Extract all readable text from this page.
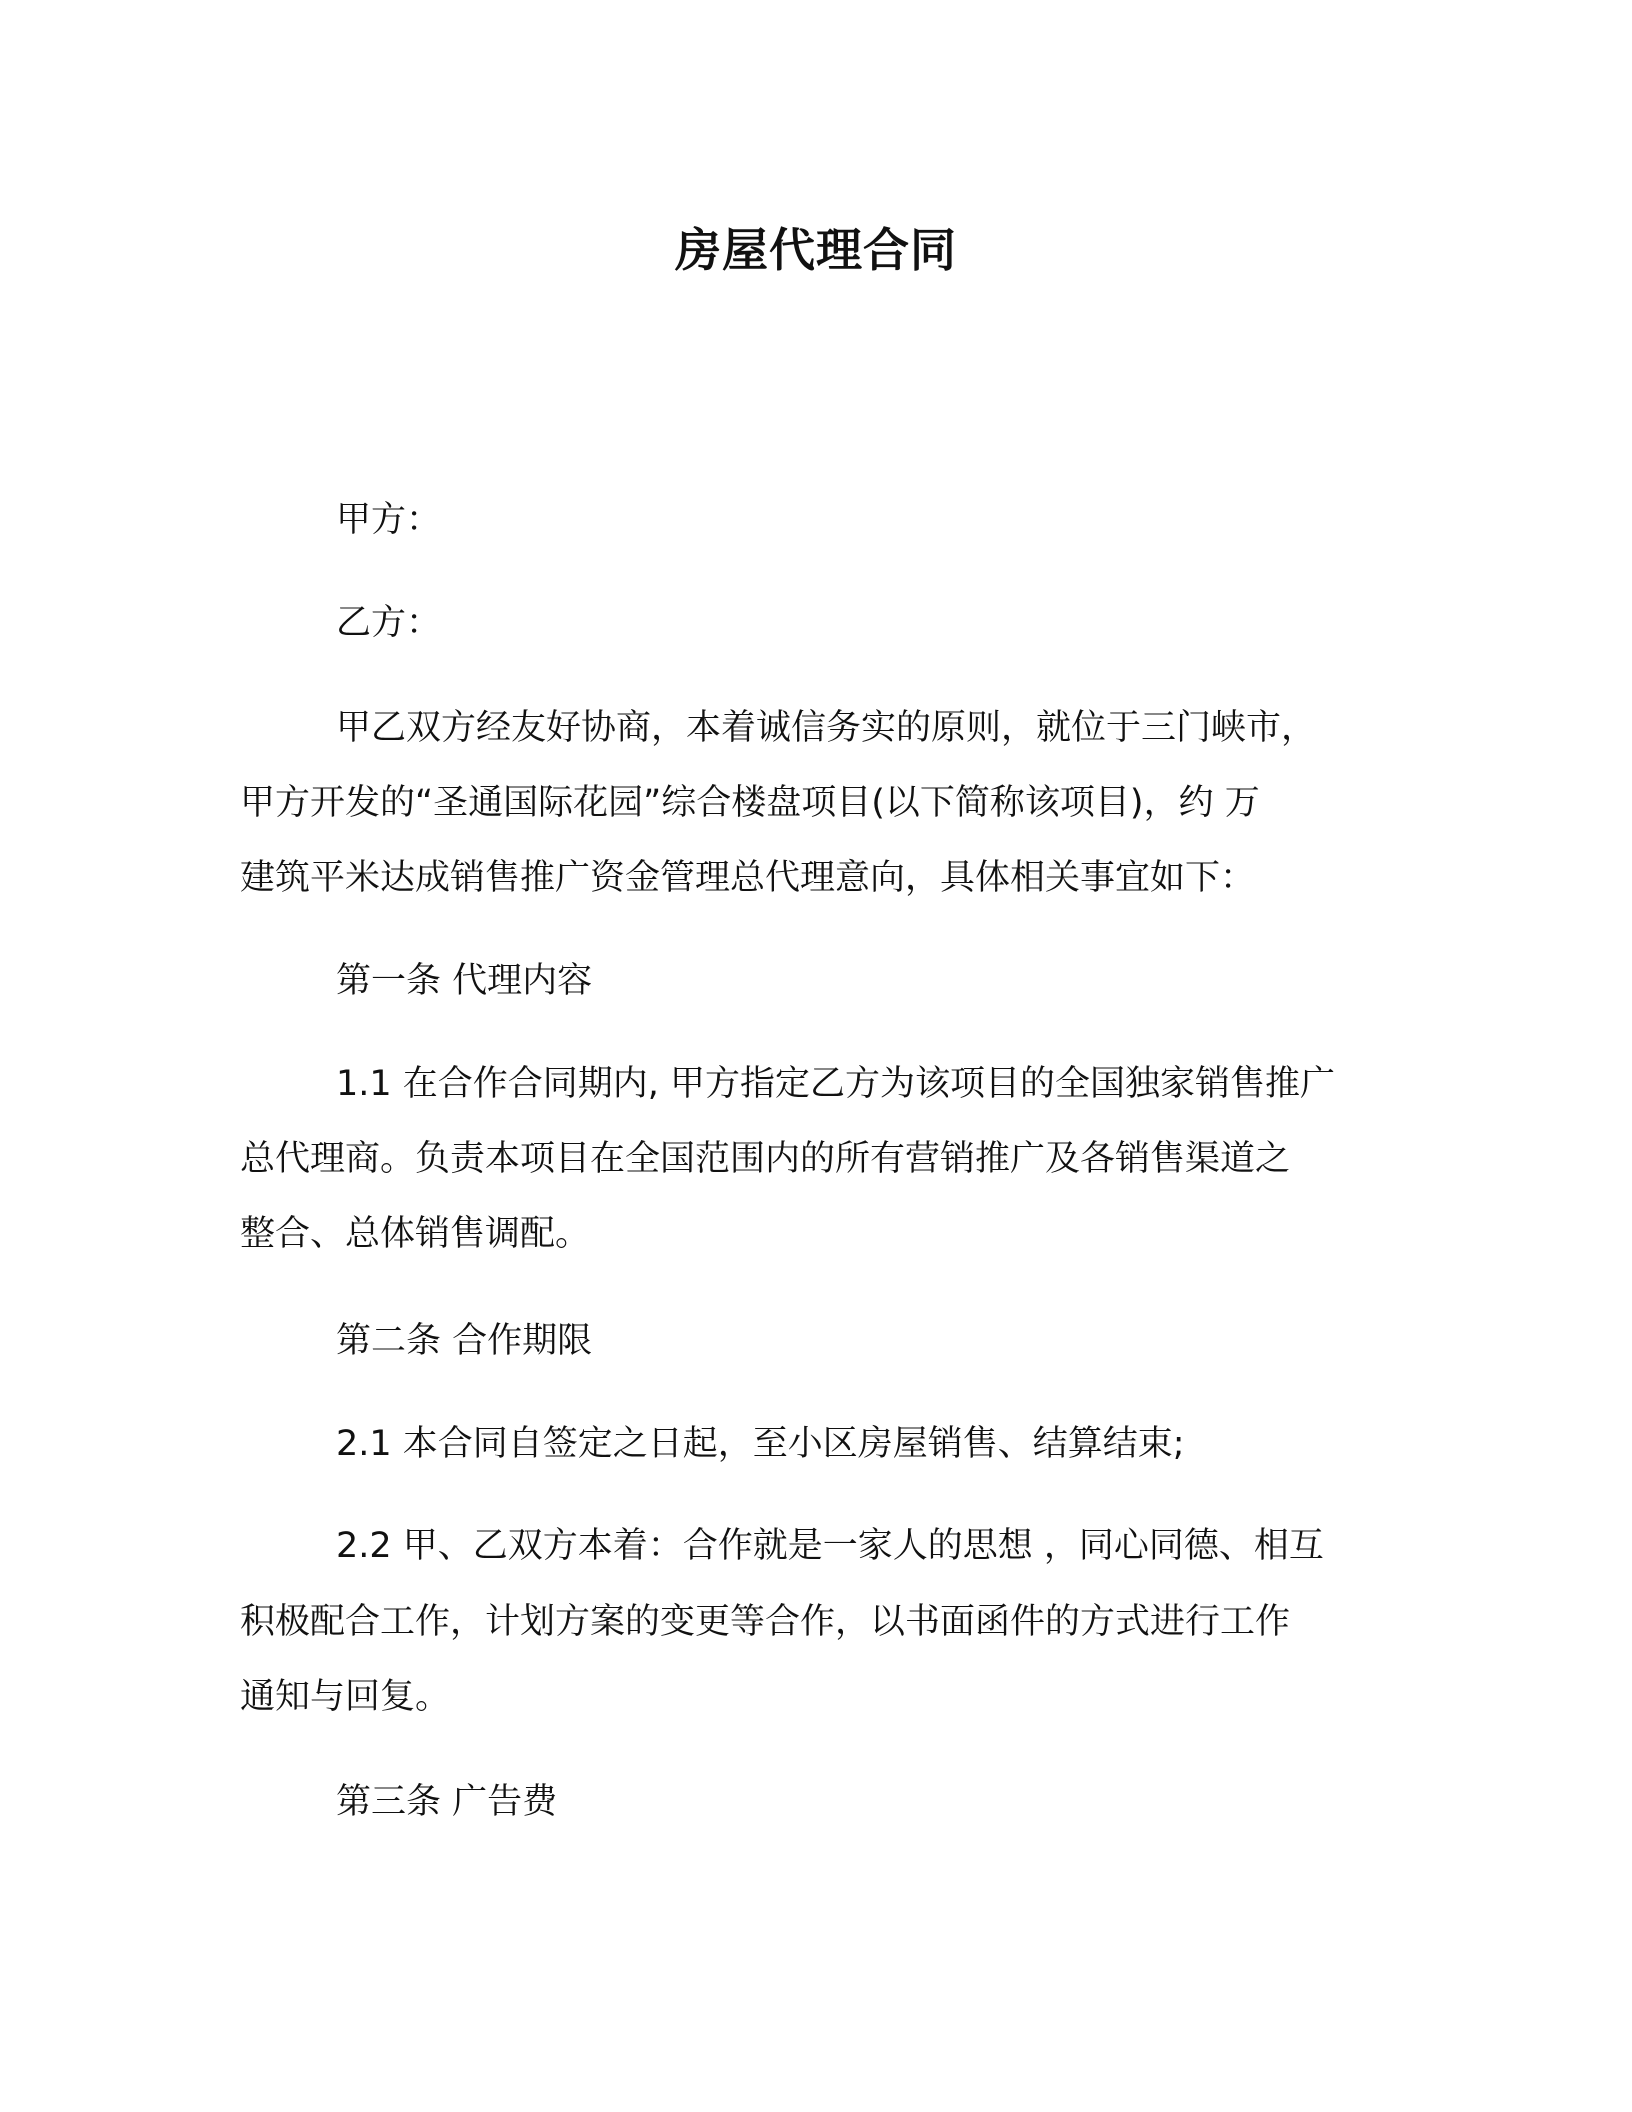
房屋代理合同
甲方：
乙方：
甲乙双方经友好协商，本着诚信务实的原则，就位于三门峡市，
甲方开发的“圣通国际花园”综合楼盘项目(以下简称该项目)，约 万
建筑平米达成销售推广资金管理总代理意向，具体相关事宜如下：
第一条 代理内容
1.1 在合作合同期内, 甲方指定乙方为该项目的全国独家销售推广
总代理商。负责本项目在全国范围内的所有营销推广及各销售渠道之
整合、总体销售调配。
第二条 合作期限
2.1 本合同自签定之日起，至小区房屋销售、结算结束;
2.2 甲、乙双方本着：合作就是一家人的思想 ，同心同德、相互
积极配合工作，计划方案的变更等合作，以书面函件的方式进行工作
通知与回复。
第三条 广告费
